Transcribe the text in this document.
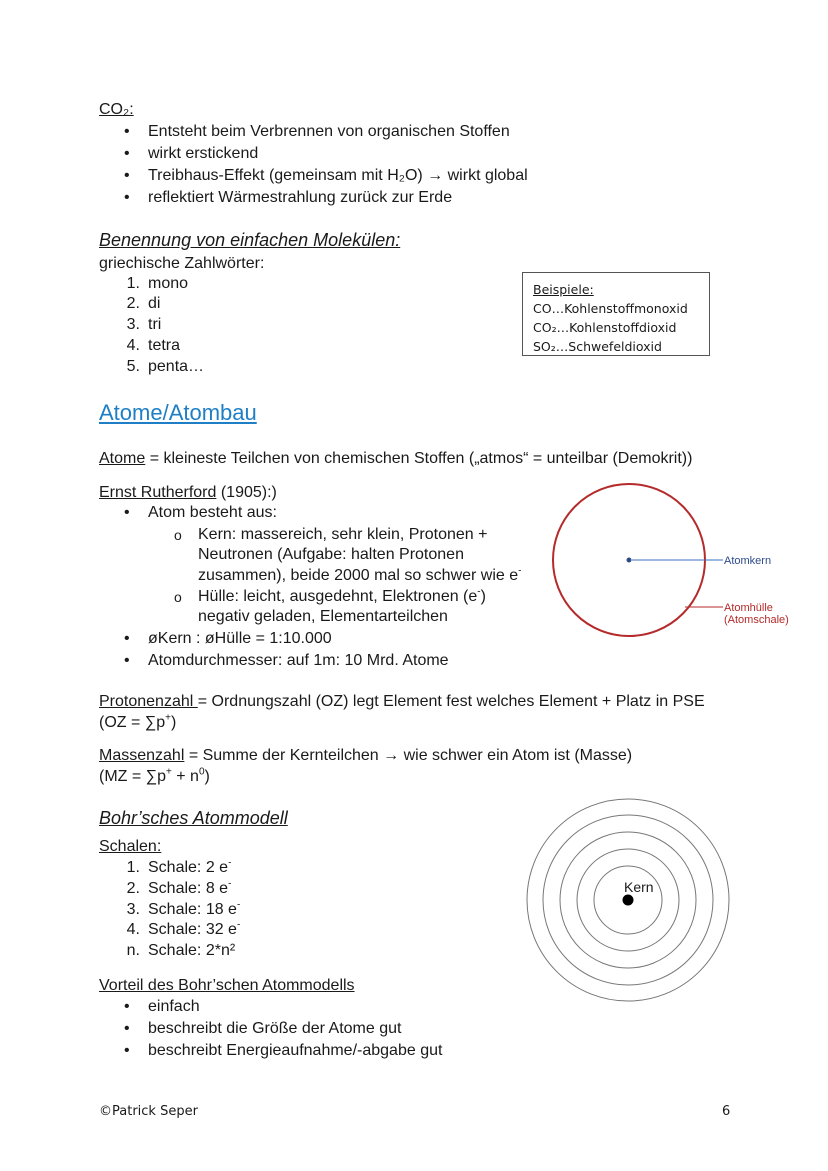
CO₂:
• Entsteht beim Verbrennen von organischen Stoffen
• wirkt erstickend
• Treibhaus-Effekt (gemeinsam mit H₂O) → wirkt global
• reflektiert Wärmestrahlung zurück zur Erde
Benennung von einfachen Molekülen:
griechische Zahlwörter:
1. mono
2. di
3. tri
4. tetra
5. penta…
Beispiele:
CO…Kohlenstoffmonoxid
CO₂…Kohlenstoffdioxid
SO₂…Schwefeldioxid
Atome/Atombau
Atome = kleineste Teilchen von chemischen Stoffen („atmos“ = unteilbar (Demokrit))
Ernst Rutherford (1905):)
• Atom besteht aus:
o Kern: massereich, sehr klein, Protonen +
Neutronen (Aufgabe: halten Protonen
zusammen), beide 2000 mal so schwer wie e-
o Hülle: leicht, ausgedehnt, Elektronen (e-)
negativ geladen, Elementarteilchen
• øKern : øHülle = 1:10.000
• Atomdurchmesser: auf 1m: 10 Mrd. Atome
Atomkern
Atomhülle
(Atomschale)
Protonenzahl = Ordnungszahl (OZ) legt Element fest welches Element + Platz in PSE
(OZ = ∑p+)
Massenzahl = Summe der Kernteilchen → wie schwer ein Atom ist (Masse)
$(MZ = \sum p^+ + n^0)$
Bohr’sches Atommodell
Schalen:
1. Schale: 2 e-
2. Schale: 8 e-
3. Schale: 18 e-
4. Schale: 32 e-
n. Schale: 2*n²
Vorteil des Bohr’schen Atommodells
• einfach
• beschreibt die Größe der Atome gut
• beschreibt Energieaufnahme/-abgabe gut
Kern
©Patrick Seper	6
